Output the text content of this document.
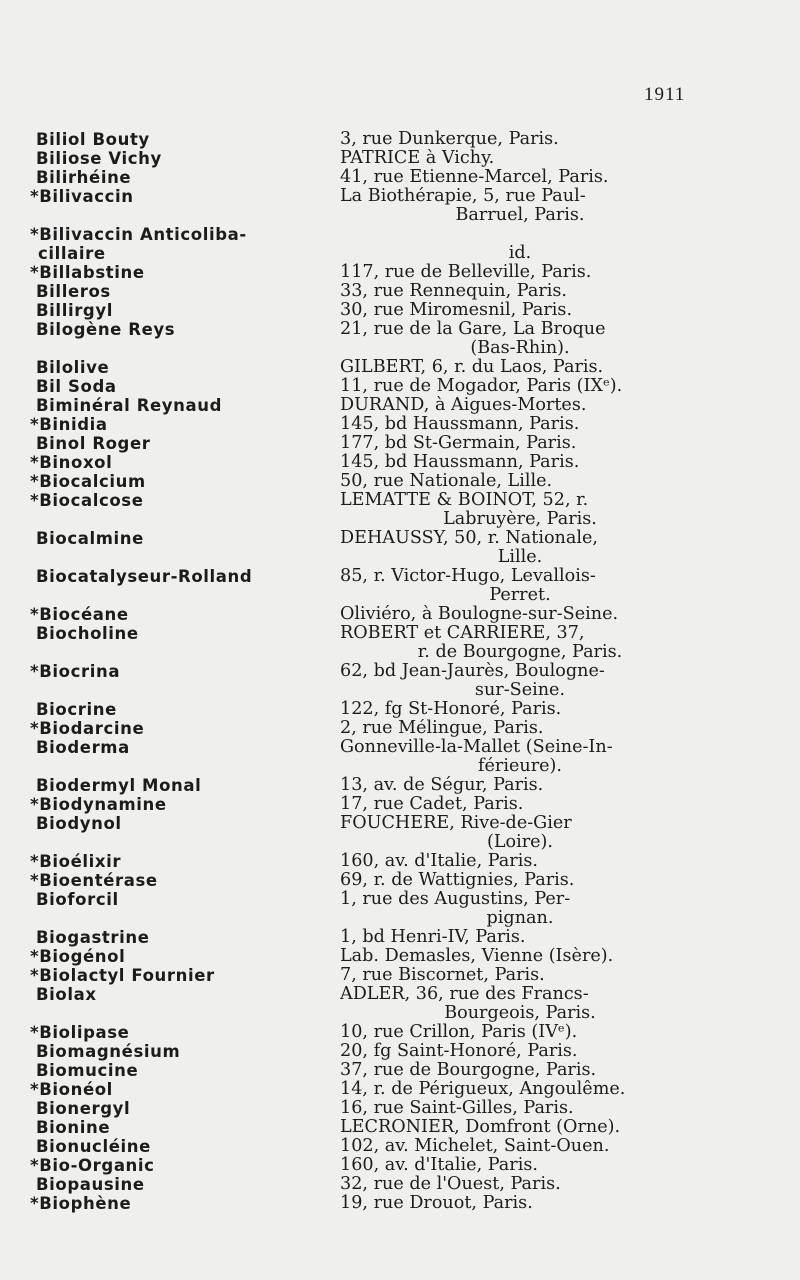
1911
Biliol Bouty	3, rue Dunkerque, Paris.
Biliose Vichy	PATRICE à Vichy.
Bilirhéine	41, rue Étienne-Marcel, Paris.
*Bilivaccin	La Biothérapie, 5, rue Paul-
Barruel, Paris.
*Bilivaccin Anticoliba-
cillaire
	id.
*Billabstine	117, rue de Belleville, Paris.
Billeros	33, rue Rennequin, Paris.
Billirgyl	30, rue Miromesnil, Paris.
Bilogène Reys	21, rue de la Gare, La Broque
(Bas-Rhin).
Bilolive	GILBERT, 6, r. du Laos, Paris.
Bil Soda	11, rue de Mogador, Paris (IXᵉ).
Biminéral Reynaud	DURAND, à Aigues-Mortes.
*Binidia	145, bd Haussmann, Paris.
Binol Roger	177, bd St-Germain, Paris.
*Binoxol	145, bd Haussmann, Paris.
*Biocalcium	50, rue Nationale, Lille.
*Biocalcose	LEMATTE & BOINOT, 52, r.
Labruyère, Paris.
Biocalmine	DEHAUSSY, 50, r. Nationale,
Lille.
Biocatalyseur-Rolland	85, r. Victor-Hugo, Levallois-
Perret.
*Biocéane	Oliviéro, à Boulogne-sur-Seine.
Biocholine	ROBERT et CARRIÈRE, 37,
r. de Bourgogne, Paris.
*Biocrina	62, bd Jean-Jaurès, Boulogne-
sur-Seine.
Biocrine	122, fg St-Honoré, Paris.
*Biodarcine	2, rue Mélingue, Paris.
Bioderma	Gonneville-la-Mallet (Seine-In-
férieure).
Biodermyl Monal	13, av. de Ségur, Paris.
*Biodynamine	17, rue Cadet, Paris.
Biodynol	FOUCHÈRE, Rive-de-Gier
(Loire).
*Bioélixir	160, av. d'Italie, Paris.
*Bioentérase	69, r. de Wattignies, Paris.
Bioforcil	1, rue des Augustins, Per-
pignan.
Biogastrine	1, bd Henri-IV, Paris.
*Biogénol	Lab. Demasles, Vienne (Isère).
*Biolactyl Fournier	7, rue Biscornet, Paris.
Biolax	ADLER, 36, rue des Francs-
Bourgeois, Paris.
*Biolipase	10, rue Crillon, Paris (IVᵉ).
Biomagnésium	20, fg Saint-Honoré, Paris.
Biomucine	37, rue de Bourgogne, Paris.
*Bionéol	14, r. de Périgueux, Angoulême.
Bionergyl	16, rue Saint-Gilles, Paris.
Bionine	LECRONIER, Domfront (Orne).
Bionucléine	102, av. Michelet, Saint-Ouen.
*Bio-Organic	160, av. d'Italie, Paris.
Biopausine	32, rue de l'Ouest, Paris.
*Biophène	19, rue Drouot, Paris.
